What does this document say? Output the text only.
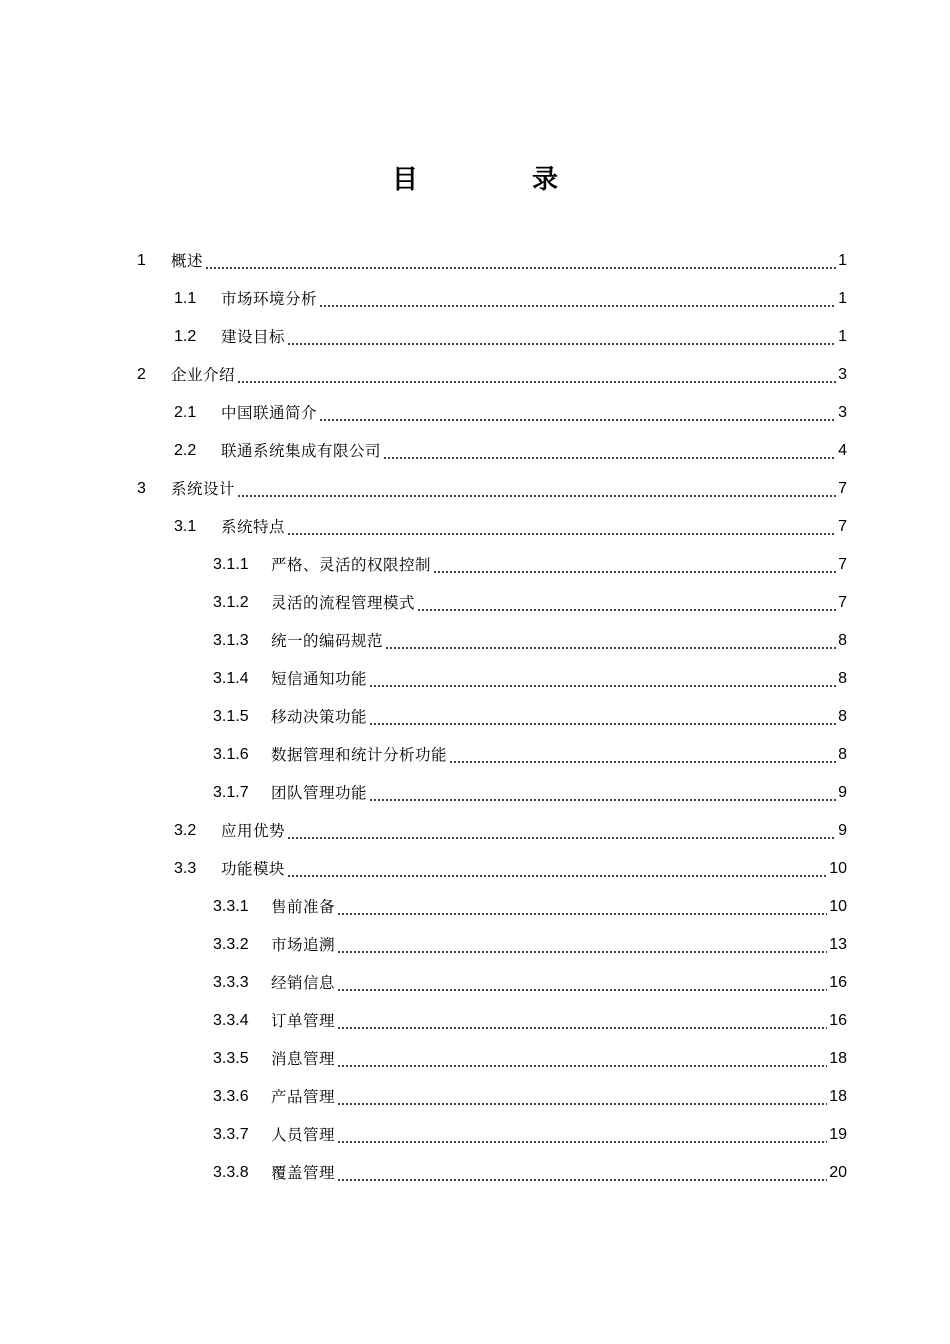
目　录
1	概述	1
1.1	市场环境分析	1
1.2	建设目标	1
2	企业介绍	3
2.1	中国联通简介	3
2.2	联通系统集成有限公司	4
3	系统设计	7
3.1	系统特点	7
3.1.1	严格、灵活的权限控制	7
3.1.2	灵活的流程管理模式	7
3.1.3	统一的编码规范	8
3.1.4	短信通知功能	8
3.1.5	移动决策功能	8
3.1.6	数据管理和统计分析功能	8
3.1.7	团队管理功能	9
3.2	应用优势	9
3.3	功能模块	10
3.3.1	售前准备	10
3.3.2	市场追溯	13
3.3.3	经销信息	16
3.3.4	订单管理	16
3.3.5	消息管理	18
3.3.6	产品管理	18
3.3.7	人员管理	19
3.3.8	覆盖管理	20
